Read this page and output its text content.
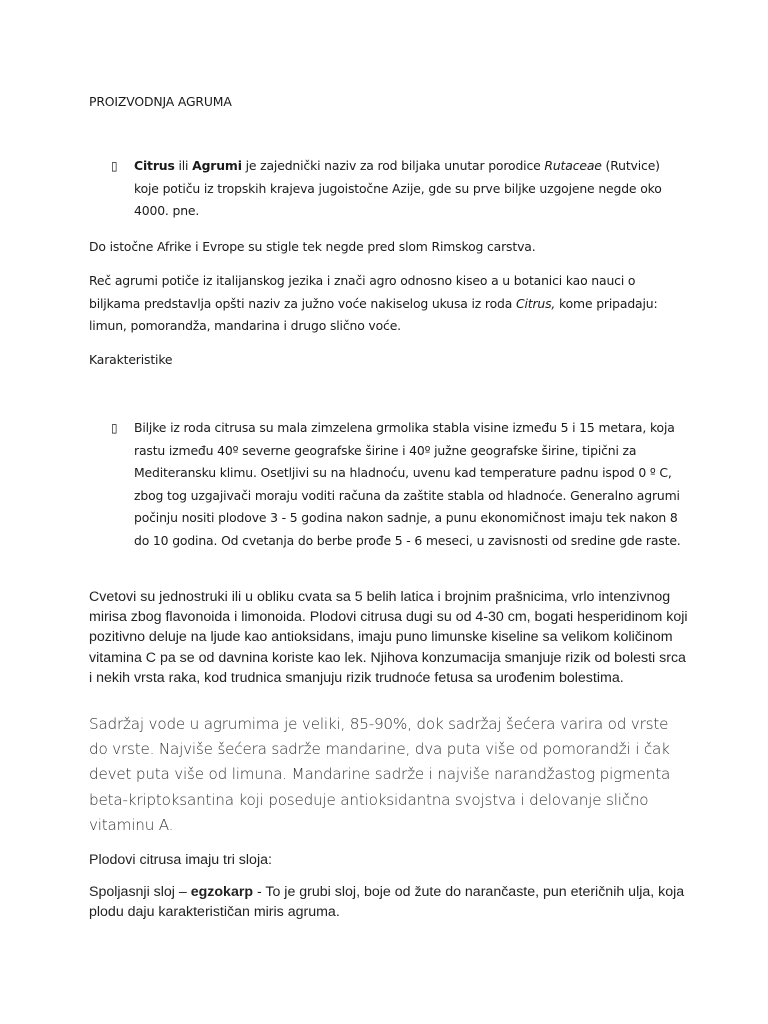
PROIZVODNJA AGRUMA

▯ Citrus ili Agrumi je zajednički naziv za rod biljaka unutar porodice Rutaceae (Rutvice) koje potiču iz tropskih krajeva jugoistočne Azije, gde su prve biljke uzgojene negde oko 4000. pne.

Do istočne Afrike i Evrope su stigle tek negde pred slom Rimskog carstva.

Reč agrumi potiče iz italijanskog jezika i znači agro odnosno kiseo a u botanici kao nauci o biljkama predstavlja opšti naziv za južno voće nakiselog ukusa iz roda Citrus, kome pripadaju: limun, pomorandža, mandarina i drugo slično voće.

Karakteristike

▯ Biljke iz roda citrusa su mala zimzelena grmolika stabla visine između 5 i 15 metara, koja rastu između 40º severne geografske širine i 40º južne geografske širine, tipični za Mediteransku klimu. Osetljivi su na hladnoću, uvenu kad temperature padnu ispod 0 º C, zbog tog uzgajivači moraju voditi računa da zaštite stabla od hladnoće. Generalno agrumi počinju nositi plodove 3 - 5 godina nakon sadnje, a punu ekonomičnost imaju tek nakon 8 do 10 godina. Od cvetanja do berbe prođe 5 - 6 meseci, u zavisnosti od sredine gde raste.

Cvetovi su jednostruki ili u obliku cvata sa 5 belih latica i brojnim prašnicima, vrlo intenzivnog mirisa zbog flavonoida i limonoida. Plodovi citrusa dugi su od 4-30 cm, bogati hesperidinom koji pozitivno deluje na ljude kao antioksidans, imaju puno limunske kiseline sa velikom količinom vitamina C pa se od davnina koriste kao lek. Njihova konzumacija smanjuje rizik od bolesti srca i nekih vrsta raka, kod trudnica smanjuju rizik trudnoće fetusa sa urođenim bolestima.

Sadržaj vode u agrumima je veliki, 85-90%, dok sadržaj šećera varira od vrste do vrste. Najviše šećera sadrže mandarine, dva puta više od pomorandži i čak devet puta više od limuna. Mandarine sadrže i najviše narandžastog pigmenta beta-kriptoksantina koji poseduje antioksidantna svojstva i delovanje slično vitaminu A.

Plodovi citrusa imaju tri sloja:

Spoljasnji sloj – egzokarp - To je grubi sloj, boje od žute do narančaste, pun eteričnih ulja, koja plodu daju karakterističan miris agruma.
